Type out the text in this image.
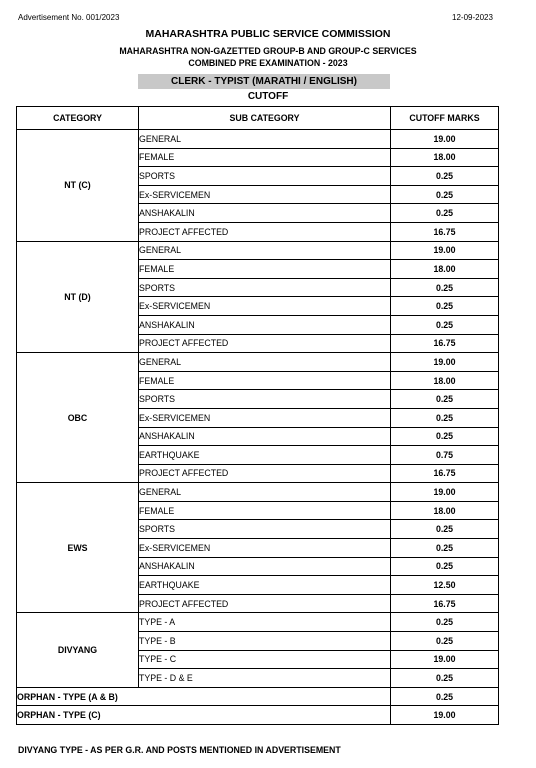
Advertisement No. 001/2023	12-09-2023
MAHARASHTRA PUBLIC SERVICE COMMISSION
MAHARASHTRA NON-GAZETTED GROUP-B AND GROUP-C SERVICES
COMBINED PRE EXAMINATION - 2023
CLERK - TYPIST (MARATHI / ENGLISH)
CUTOFF
CATEGORY	SUB CATEGORY	CUTOFF MARKS
NT (C)	GENERAL	19.00
	FEMALE	18.00
	SPORTS	0.25
	Ex-SERVICEMEN	0.25
	ANSHAKALIN	0.25
	PROJECT AFFECTED	16.75
NT (D)	GENERAL	19.00
	FEMALE	18.00
	SPORTS	0.25
	Ex-SERVICEMEN	0.25
	ANSHAKALIN	0.25
	PROJECT AFFECTED	16.75
OBC	GENERAL	19.00
	FEMALE	18.00
	SPORTS	0.25
	Ex-SERVICEMEN	0.25
	ANSHAKALIN	0.25
	EARTHQUAKE	0.75
	PROJECT AFFECTED	16.75
EWS	GENERAL	19.00
	FEMALE	18.00
	SPORTS	0.25
	Ex-SERVICEMEN	0.25
	ANSHAKALIN	0.25
	EARTHQUAKE	12.50
	PROJECT AFFECTED	16.75
DIVYANG	TYPE - A	0.25
	TYPE - B	0.25
	TYPE - C	19.00
	TYPE - D & E	0.25
ORPHAN - TYPE (A & B)		0.25
ORPHAN - TYPE (C)		19.00
DIVYANG TYPE - AS PER G.R. AND POSTS MENTIONED IN ADVERTISEMENT
